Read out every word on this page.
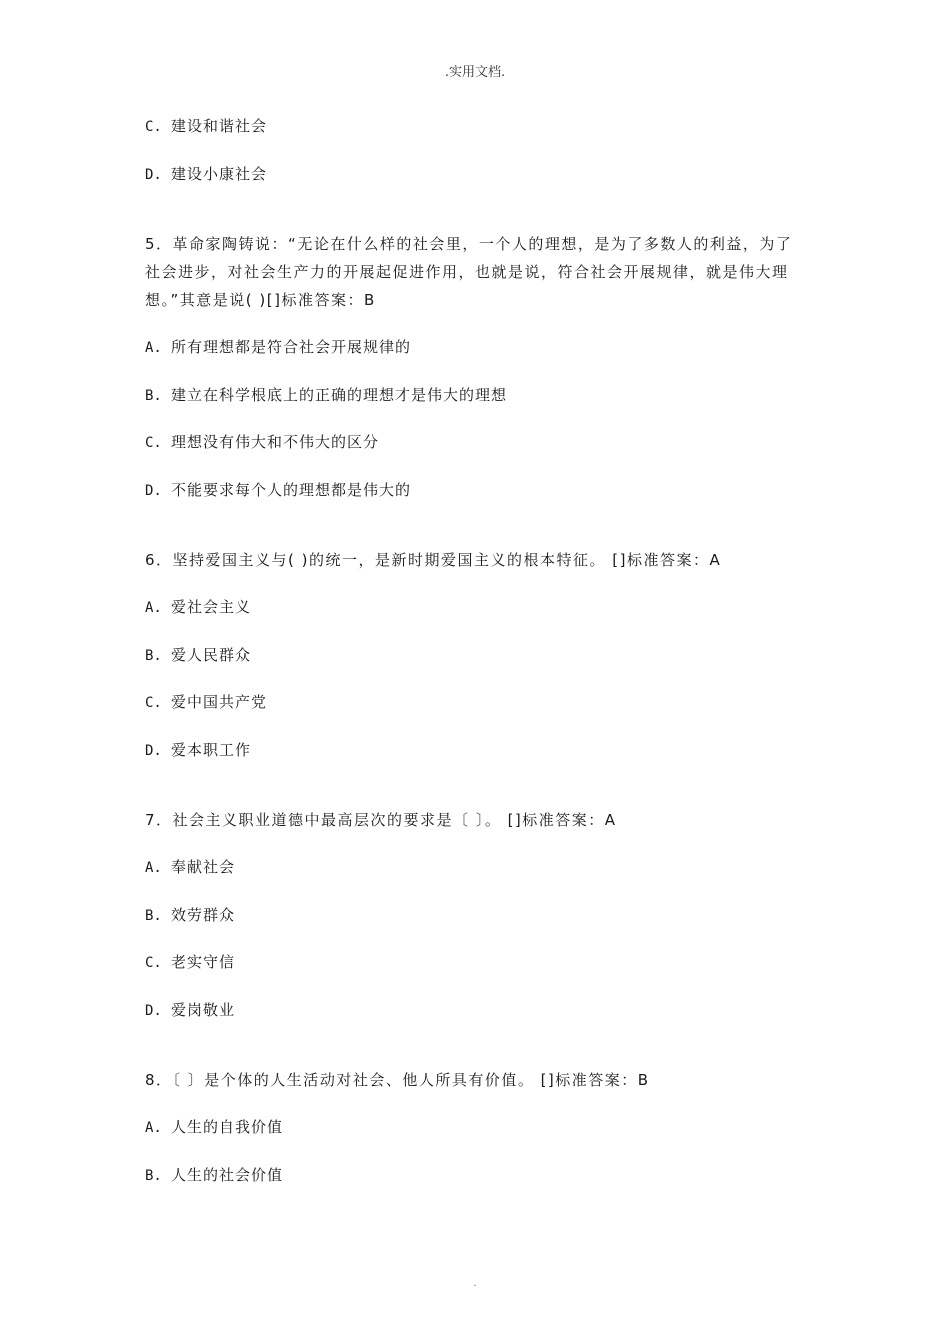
.实用文档.
C. 建设和谐社会
D. 建设小康社会
5．革命家陶铸说：“无论在什么样的社会里，一个人的理想，是为了多数人的利益，为了
社会进步，对社会生产力的开展起促进作用，也就是说，符合社会开展规律，就是伟大理
想。”其意是说( )[]标准答案：B
A. 所有理想都是符合社会开展规律的
B. 建立在科学根底上的正确的理想才是伟大的理想
C. 理想没有伟大和不伟大的区分
D. 不能要求每个人的理想都是伟大的
6．坚持爱国主义与( )的统一，是新时期爱国主义的根本特征。 []标准答案：A
A. 爱社会主义
B. 爱人民群众
C. 爱中国共产党
D. 爱本职工作
7．社会主义职业道德中最高层次的要求是〔 〕。 []标准答案：A
A. 奉献社会
B. 效劳群众
C. 老实守信
D. 爱岗敬业
8．〔 〕是个体的人生活动对社会、他人所具有价值。 []标准答案：B
A. 人生的自我价值
B. 人生的社会价值
.
